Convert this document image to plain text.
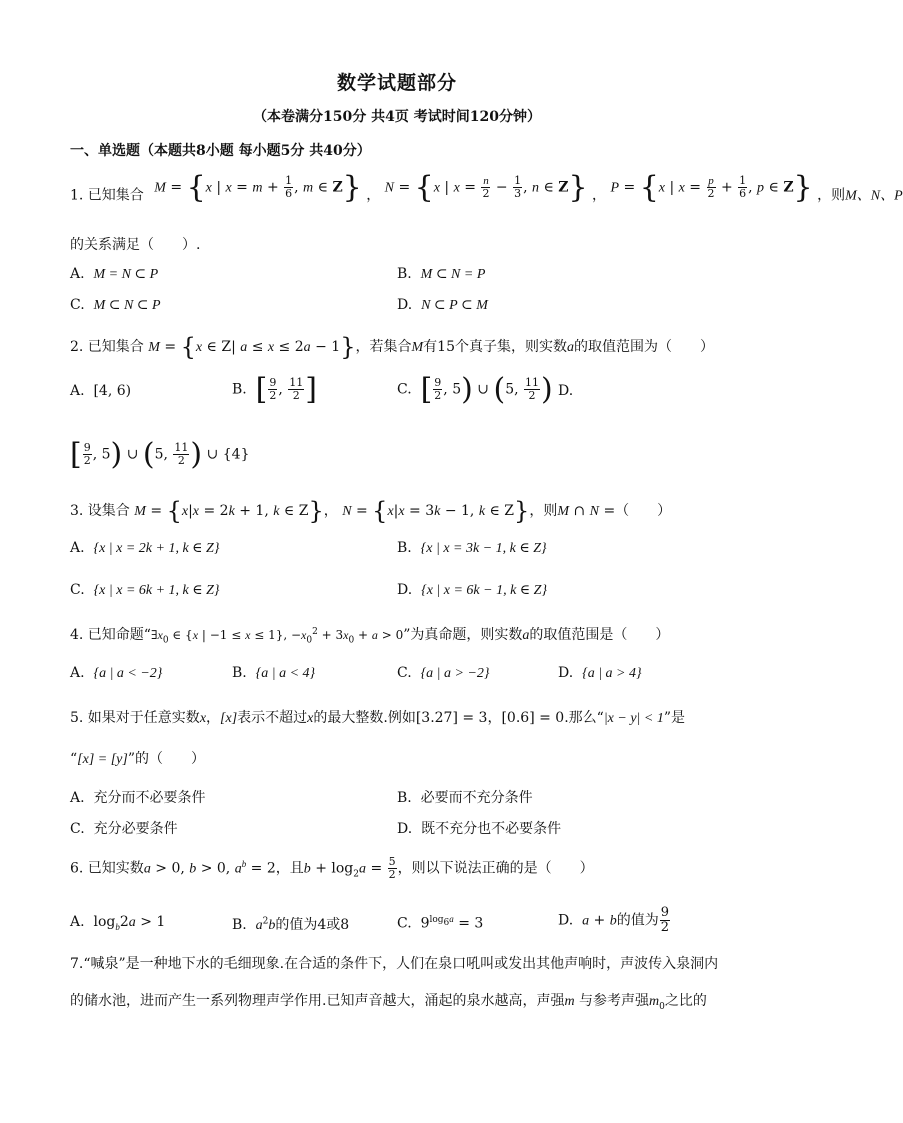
数学试题部分
（本卷满分150分 共4页 考试时间120分钟）
一、单选题（本题共8小题 每小题5分 共40分）
1. 已知集合 M = {x | $x = m + \frac{1}{6}$ , m ∈ Z} ， N = {x | $x = \frac{n}{2} - \frac{1}{3}$ , n ∈ Z} ， P = {x | $x = \frac{p}{2} + \frac{1}{6}$ , p ∈ Z} ，则M、N、P
的关系满足（　　）.
A. M = N ⊂ P	B. M ⊂ N = P
C. M ⊂ N ⊂ P	D. N ⊂ P ⊂ M
2. 已知集合 M = {x ∈ Z| a ≤ x ≤ 2a − 1}，若集合M有15个真子集，则实数a的取值范围为（　　）
A. [4, 6)	B. [ $\frac{9}{2}$ , $\frac{11}{2}$ ]	C. [ $\frac{9}{2}$ , 5) ∪ (5, $\frac{11}{2}$ ) D.
[ $\frac{9}{2}$ , 5) ∪ (5, $\frac{11}{2}$ ) ∪ {4}
3. 设集合 M = {x|x = 2k + 1, k ∈ Z}， N = {x|x = 3k − 1, k ∈ Z}，则M ∩ N =（　　）
A. {x | x = 2k + 1, k ∈ Z}	B. {x | x = 3k − 1, k ∈ Z}
C. {x | x = 6k + 1, k ∈ Z}	D. {x | x = 6k − 1, k ∈ Z}
4. 已知命题“$\exists x_0$ ∈ {x | −1 ≤ x ≤ 1}, $-x_0^2 + 3x_0 + a > 0$”为真命题，则实数a的取值范围是（　　）
A. {a | a < −2}	B. {a | a < 4}	C. {a | a > −2}	D. {a | a > 4}
5. 如果对于任意实数x，[x]表示不超过x的最大整数.例如[3.27] = 3，[0.6] = 0.那么“|x − y| < 1”是
“[x] = [y]”的（　　）
A. 充分而不必要条件	B. 必要而不充分条件
C. 充分必要条件	D. 既不充分也不必要条件
6. 已知实数a > 0, b > 0, $a^b = 2$，且$b + \log_2a = \frac{5}{2}$ ，则以下说法正确的是（　　）
A.  $\log_b2a > 1$	B. $a^2b$的值为4或8	C.  $9^{log_6a} = 3$	D. a + b的值为 $\frac{9}{2}$
7.“喊泉”是一种地下水的毛细现象.在合适的条件下，人们在泉口吼叫或发出其他声响时，声波传入泉洞内
的储水池，进而产生一系列物理声学作用.已知声音越大，涌起的泉水越高，声强m 与参考声强$m_0$之比的
